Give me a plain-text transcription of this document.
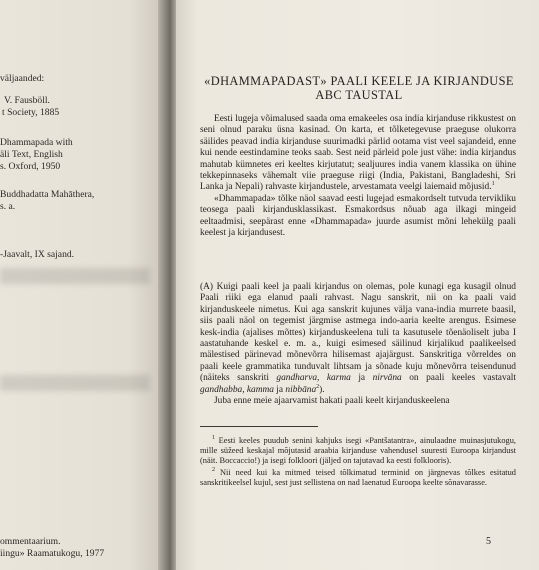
väljaanded:
V. Fausböll.
t Society, 1885
Dhammapada with
äli Text, English
s. Oxford, 1950
Buddhadatta Mahāthera,
s. a.
-Jaavalt, IX sajand.
ommentaarium.
iingu» Raamatukogu, 1977
«DHAMMAPADAST» PAALI KEELE JA KIRJANDUSE
ABC TAUSTAL

Eesti lugeja võimalused saada oma emakeeles osa india kirjanduse rikkustest on seni olnud paraku üsna kasinad. On karta, et tõlketegevuse praeguse olukorra säilides peavad india kirjanduse suurimadki pärlid ootama vist veel sajandeid, enne kui nende eestindamine teoks saab. Sest neid pärleid pole just vähe: india kirjandus mahutab kümnetes eri keeltes kirjutatut; sealjuures india vanem klassika on ühine tekkepinnaseks vähemalt viie praeguse riigi (India, Pakistani, Bangladeshi, Sri Lanka ja Nepali) rahvaste kirjandustele, arvestamata veelgi laiemaid mõjusid.$^1$

«Dhammapada» tõlke näol saavad eesti lugejad esmakordselt tutvuda tervikliku teosega paali kirjandusklassikast. Esmakordsus nõuab aga ilkagi mingeid eeltaadmisi, seepärast enne «Dhammapada» juurde asumist mõni lehekülg paali keelest ja kirjandusest.

(A) Kuigi paali keel ja paali kirjandus on olemas, pole kunagi ega kusagil olnud Paali riiki ega elanud paali rahvast. Nagu sanskrit, nii on ka paali vaid kirjanduskeele nimetus. Kui aga sanskrit kujunes välja vana-india murrete baasil, siis paali näol on tegemist järgmise astmega indo-aaria keelte arengus. Esimese kesk-india (ajalises mõttes) kirjanduskeelena tuli ta kasutusele tõenäoliselt juba I aastatuhande keskel e. m. a., kuigi esimesed säilinud kirjalikud paalikeelsed mälestised pärinevad mõnevõrra hilisemast ajajärgust. Sanskritiga võrreldes on paali keele grammatika tunduvalt lihtsam ja sõnade kuju mõnevõrra teisendunud (näiteks sanskriti gandharva, karma ja nirvāna on paali keeles vastavalt gandhabba, kamma ja nibbāna$^2$).

Juba enne meie ajaarvamist hakati paali keelt kirjanduskeelena

$^1$ Eesti keeles puudub senini kahjuks isegi «Pantšatantra», ainulaadne muinasjutukogu, mille süžeed keskajal mõjutasid araabia kirjanduse vahendusel suuresti Euroopa kirjandust (näit. Boccaccio!) ja isegi folkloori (jäljed on tajutavad ka eesti folklooris).

$^2$ Nii need kui ka mitmed teised tõlkimatud terminid on järgnevas tõlkes esitatud sanskritikeelsel kujul, sest just sellistena on nad laenatud Euroopa keelte sõnavarasse.

5
